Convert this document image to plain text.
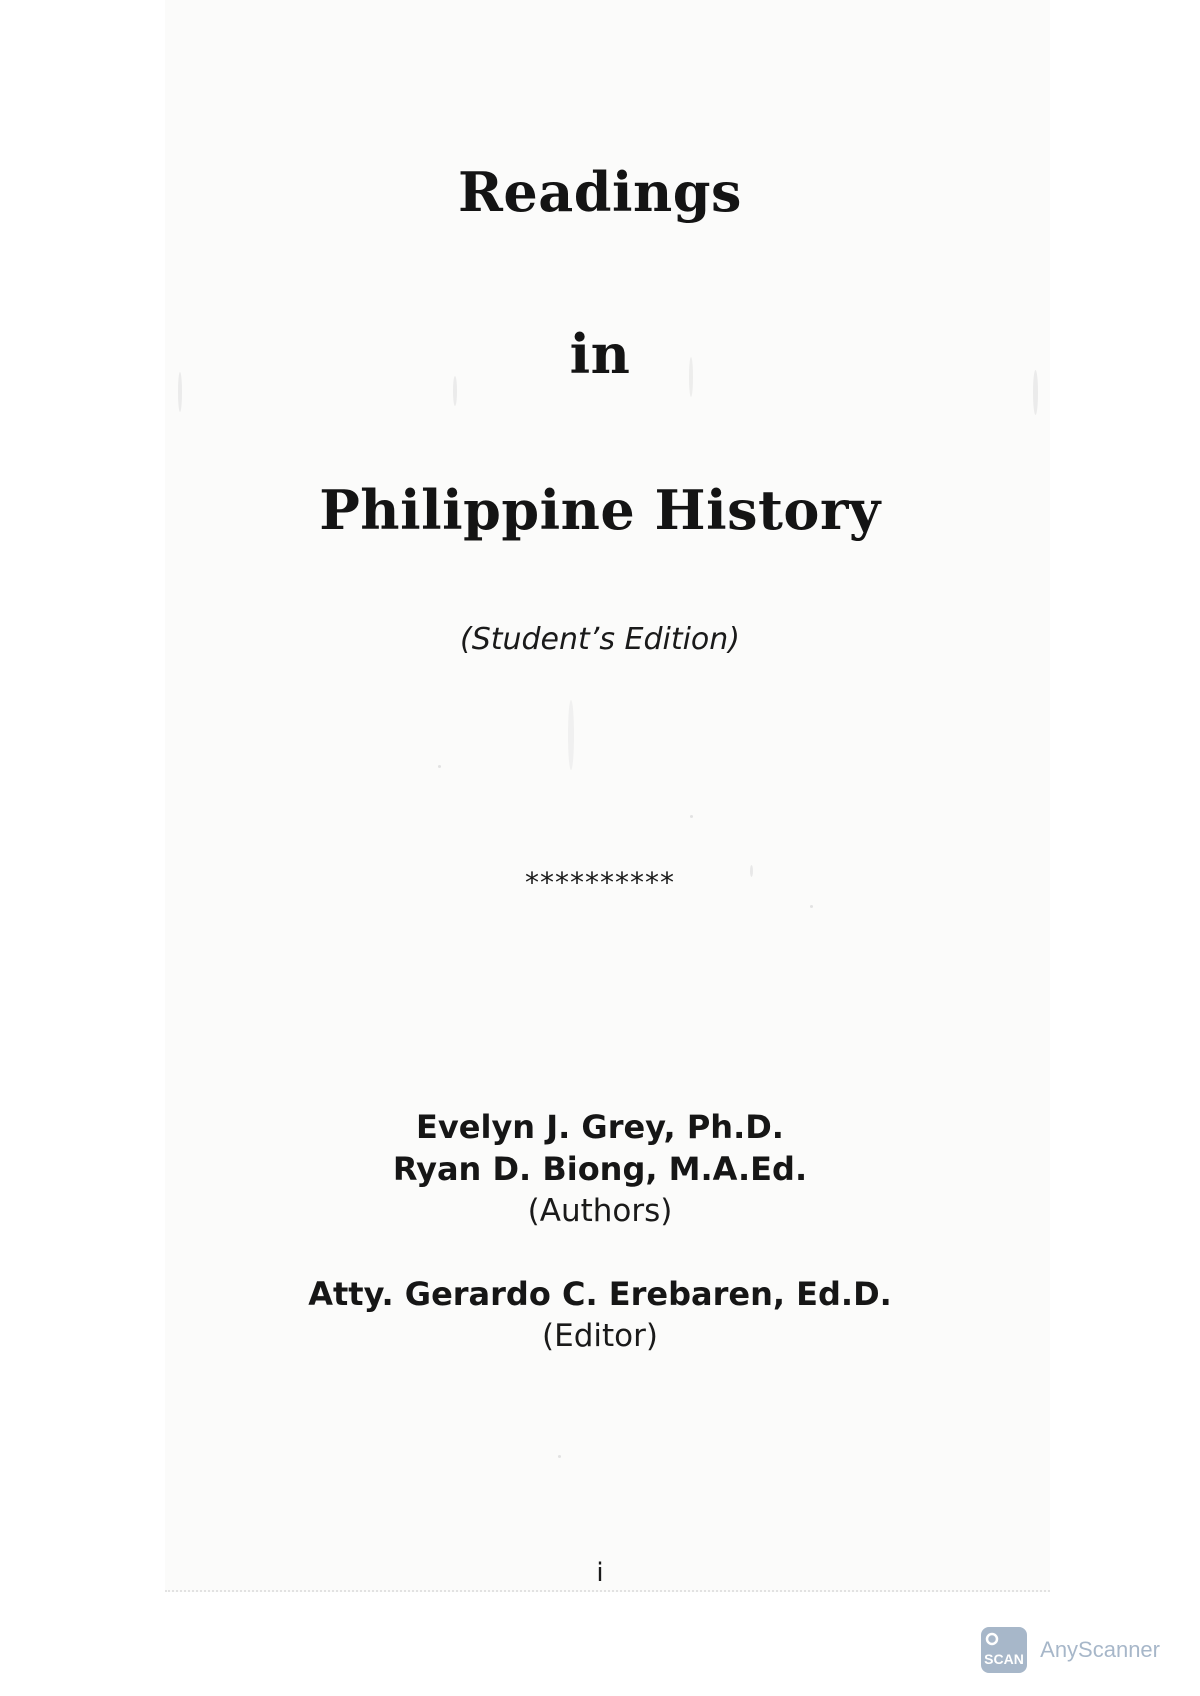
Readings
in
Philippine History
(Student’s Edition)
**********
Evelyn J. Grey, Ph.D.
Ryan D. Biong, M.A.Ed.
(Authors)
Atty. Gerardo C. Erebaren, Ed.D.
(Editor)
i
SCAN AnyScanner
